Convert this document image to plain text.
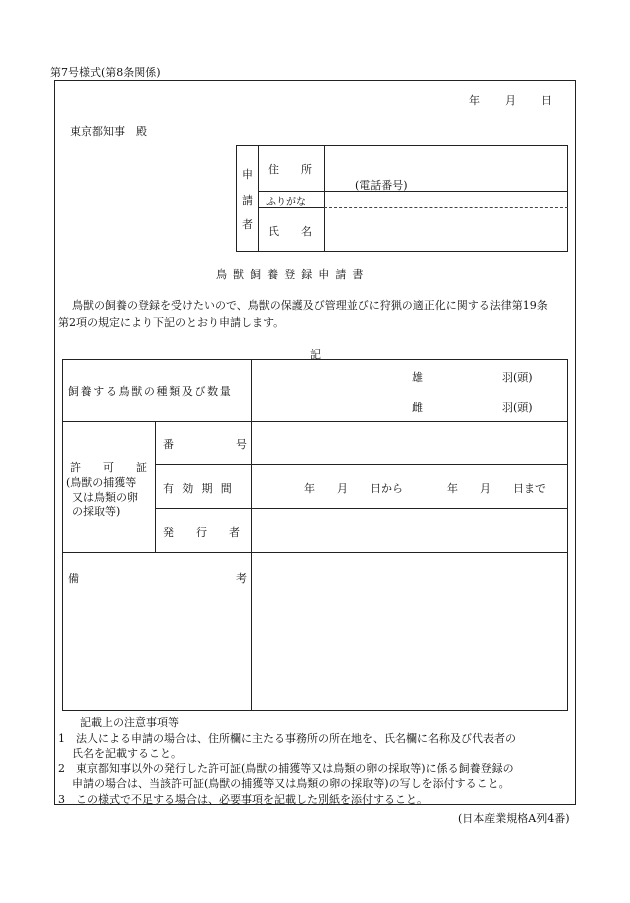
第7号様式(第8条関係)
年 月 日
東京都知事　殿
申
請
者
住　　所
(電話番号)
ふりがな
氏　　名
鳥獣飼養登録申請書
鳥獣の飼養の登録を受けたいので、鳥獣の保護及び管理並びに狩猟の適正化に関する法律第19条
第2項の規定により下記のとおり申請します。
記
飼養する鳥獣の種類及び数量
雄	羽(頭)
雌	羽(頭)
許　　可　　証
(鳥獣の捕獲等
又は鳥類の卵
の採取等)
番	号
有効期間	年　　月　　日から　　　　年　　月　　日まで
発　　行　　者
備	考
記載上の注意事項等
1　法人による申請の場合は、住所欄に主たる事務所の所在地を、氏名欄に名称及び代表者の
氏名を記載すること。
2　東京都知事以外の発行した許可証(鳥獣の捕獲等又は鳥類の卵の採取等)に係る飼養登録の
申請の場合は、当該許可証(鳥獣の捕獲等又は鳥類の卵の採取等)の写しを添付すること。
3　この様式で不足する場合は、必要事項を記載した別紙を添付すること。
(日本産業規格A列4番)
